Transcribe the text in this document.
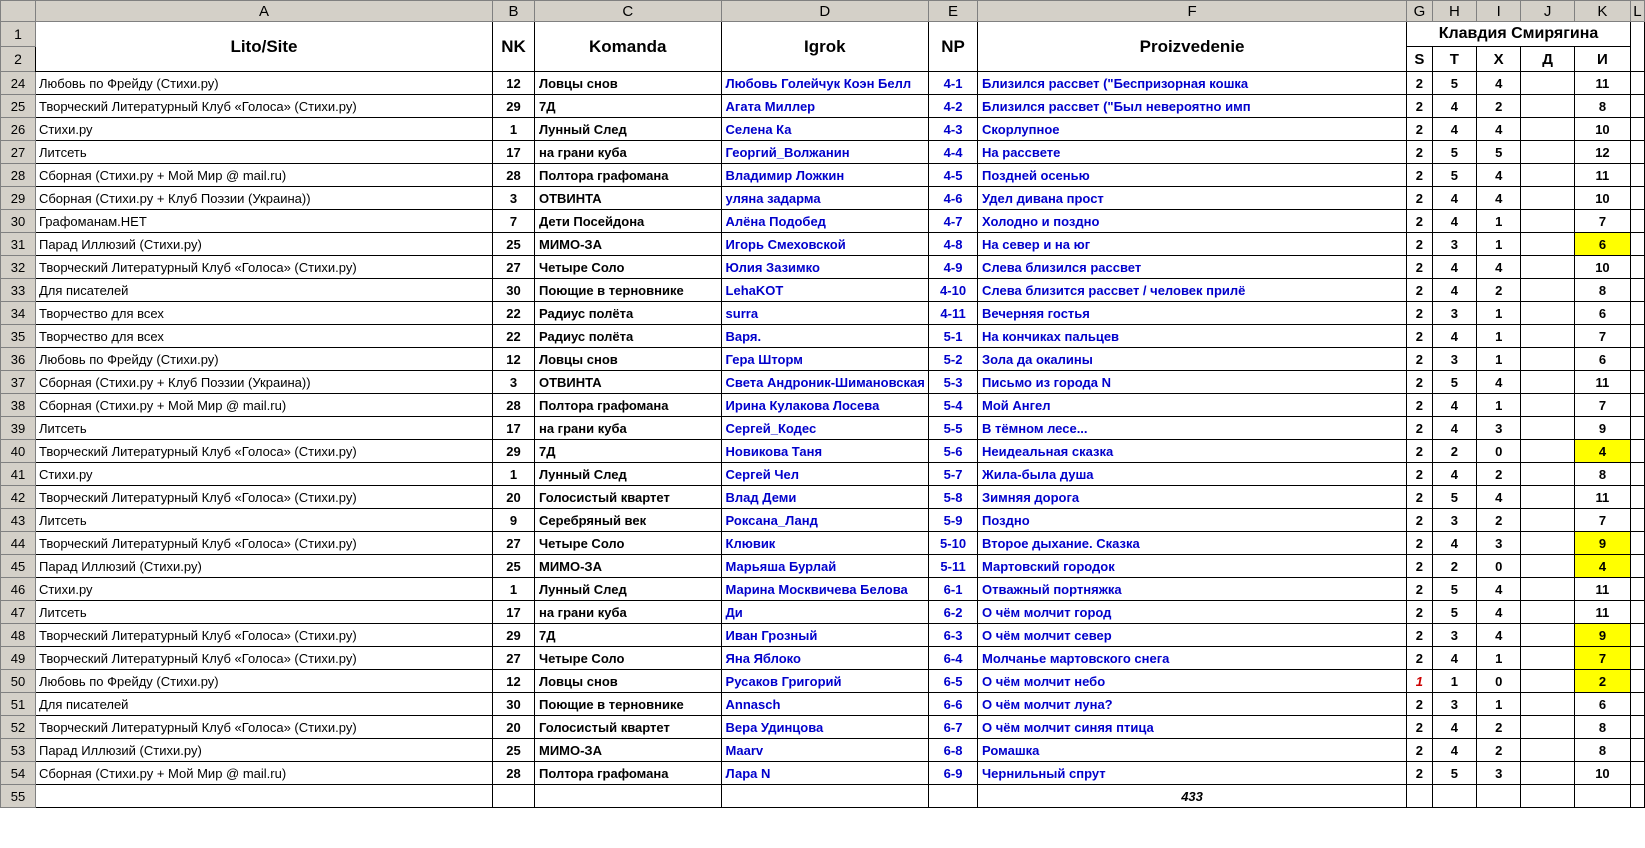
	A	B	C	D	E	F	G	H	I	J	K	L
1	Lito/Site	NK	Komanda	Igrok	NP	Proizvedenie	Клавдия Смирягина					
2							S	T	X	Д	И	
24	Любовь по Фрейду (Стихи.ру)	12	Ловцы снов	Любовь Голейчук Коэн Белл	4-1	Близился рассвет ("Беспризорная кошка	2	5	4		11	
25	Творческий Литературный Клуб «Голоса» (Стихи.ру)	29	7Д	Агата Миллер	4-2	Близился рассвет ("Был невероятно имп	2	4	2		8	
26	Стихи.ру	1	Лунный След	Селена Ка	4-3	Скорлупное	2	4	4		10	
27	Литсеть	17	на грани куба	Георгий_Волжанин	4-4	На рассвете	2	5	5		12	
28	Сборная (Стихи.ру + Мой Мир @ mail.ru)	28	Полтора графомана	Владимир Ложкин	4-5	Поздней осенью	2	5	4		11	
29	Сборная (Стихи.ру + Клуб Поэзии (Украина))	3	ОТВИНТА	уляна задарма	4-6	Удел дивана прост	2	4	4		10	
30	Графоманам.НЕТ	7	Дети Посейдона	Алёна Подобед	4-7	Холодно и поздно	2	4	1		7	
31	Парад Иллюзий (Стихи.ру)	25	МИМО-ЗА	Игорь Смеховской	4-8	На север и на юг	2	3	1		6	
32	Творческий Литературный Клуб «Голоса» (Стихи.ру)	27	Четыре Соло	Юлия Зазимко	4-9	Слева близился рассвет	2	4	4		10	
33	Для писателей	30	Поющие в терновнике	LehaKOT	4-10	Слева близится рассвет / человек прилё	2	4	2		8	
34	Творчество для всех	22	Радиус полёта	surra	4-11	Вечерняя гостья	2	3	1		6	
35	Творчество для всех	22	Радиус полёта	Варя.	5-1	На кончиках пальцев	2	4	1		7	
36	Любовь по Фрейду (Стихи.ру)	12	Ловцы снов	Гера Шторм	5-2	Зола да окалины	2	3	1		6	
37	Сборная (Стихи.ру + Клуб Поэзии (Украина))	3	ОТВИНТА	Света Андроник-Шимановская	5-3	Письмо из города N	2	5	4		11	
38	Сборная (Стихи.ру + Мой Мир @ mail.ru)	28	Полтора графомана	Ирина Кулакова Лосева	5-4	Мой Ангел	2	4	1		7	
39	Литсеть	17	на грани куба	Сергей_Кодес	5-5	В тёмном лесе...	2	4	3		9	
40	Творческий Литературный Клуб «Голоса» (Стихи.ру)	29	7Д	Новикова Таня	5-6	Неидеальная сказка	2	2	0		4	
41	Стихи.ру	1	Лунный След	Сергей Чел	5-7	Жила-была душа	2	4	2		8	
42	Творческий Литературный Клуб «Голоса» (Стихи.ру)	20	Голосистый квартет	Влад Деми	5-8	Зимняя дорога	2	5	4		11	
43	Литсеть	9	Серебряный век	Роксана_Ланд	5-9	Поздно	2	3	2		7	
44	Творческий Литературный Клуб «Голоса» (Стихи.ру)	27	Четыре Соло	Клювик	5-10	Второе дыхание. Сказка	2	4	3		9	
45	Парад Иллюзий (Стихи.ру)	25	МИМО-ЗА	Марьяша Бурлай	5-11	Мартовский городок	2	2	0		4	
46	Стихи.ру	1	Лунный След	Марина Москвичева Белова	6-1	Отважный портняжка	2	5	4		11	
47	Литсеть	17	на грани куба	Ди	6-2	О чём молчит город	2	5	4		11	
48	Творческий Литературный Клуб «Голоса» (Стихи.ру)	29	7Д	Иван Грозный	6-3	О чём молчит север	2	3	4		9	
49	Творческий Литературный Клуб «Голоса» (Стихи.ру)	27	Четыре Соло	Яна Яблоко	6-4	Молчанье мартовского снега	2	4	1		7	
50	Любовь по Фрейду (Стихи.ру)	12	Ловцы снов	Русаков Григорий	6-5	О чём молчит небо	1	1	0		2	
51	Для писателей	30	Поющие в терновнике	Annasch	6-6	О чём молчит луна?	2	3	1		6	
52	Творческий Литературный Клуб «Голоса» (Стихи.ру)	20	Голосистый квартет	Вера Удинцова	6-7	О чём молчит синяя птица	2	4	2		8	
53	Парад Иллюзий (Стихи.ру)	25	МИМО-ЗА	Maarv	6-8	Ромашка	2	4	2		8	
54	Сборная (Стихи.ру + Мой Мир @ mail.ru)	28	Полтора графомана	Лара N	6-9	Чернильный спрут	2	5	3		10	
55						433						
